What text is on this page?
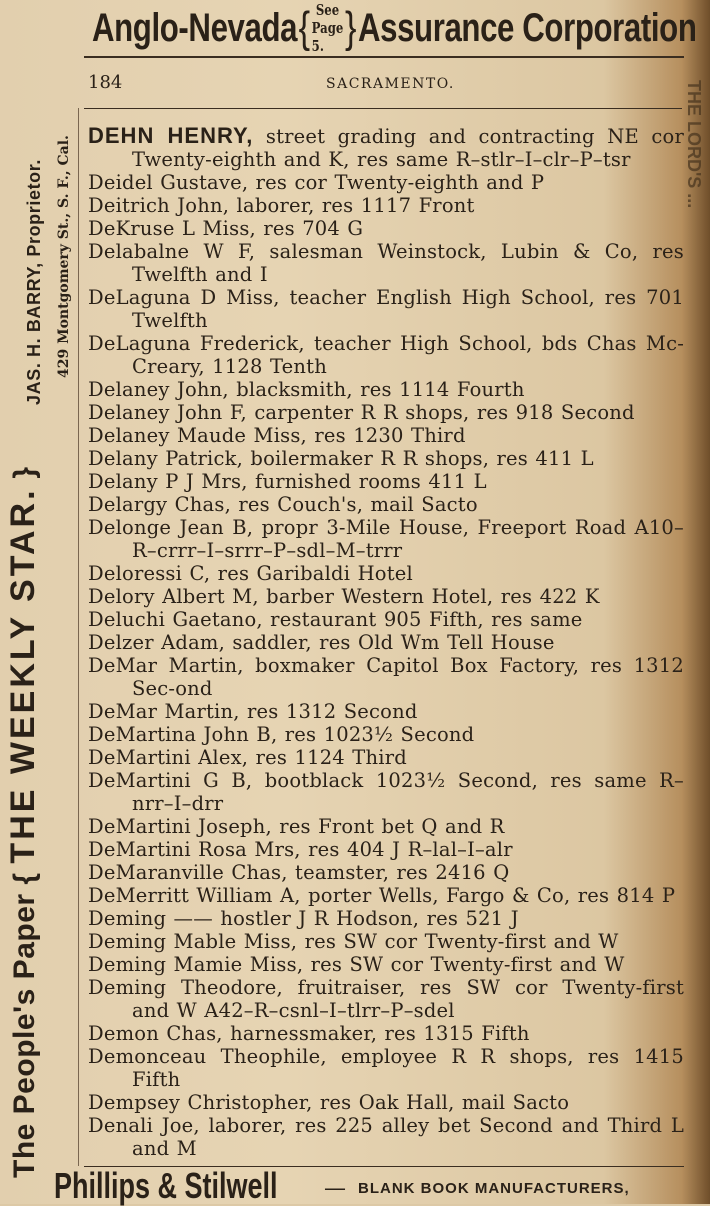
Anglo-Nevada { See
Page 5. } Assurance Corporation
184	SACRAMENTO.
The People's Paper { THE WEEKLY STAR. }
JAS. H. BARRY, Proprietor. 429 Montgomery St., S. F., Cal.	THE LORD'S ...
DEHN HENRY, street grading and contracting NE cor Twenty-eighth and K, res same R–stlr–I–clr–P–tsr
Deidel Gustave, res cor Twenty-eighth and P
Deitrich John, laborer, res 1117 Front
DeKruse L Miss, res 704 G
Delabalne W F, salesman Weinstock, Lubin & Co, res Twelfth and I
DeLaguna D Miss, teacher English High School, res 701 Twelfth
DeLaguna Frederick, teacher High School, bds Chas Mc-Creary, 1128 Tenth
Delaney John, blacksmith, res 1114 Fourth
Delaney John F, carpenter R R shops, res 918 Second
Delaney Maude Miss, res 1230 Third
Delany Patrick, boilermaker R R shops, res 411 L
Delany P J Mrs, furnished rooms 411 L
Delargy Chas, res Couch's, mail Sacto
Delonge Jean B, propr 3-Mile House, Freeport Road A10–R–crrr–I–srrr–P–sdl–M–trrr
Deloressi C, res Garibaldi Hotel
Delory Albert M, barber Western Hotel, res 422 K
Deluchi Gaetano, restaurant 905 Fifth, res same
Delzer Adam, saddler, res Old Wm Tell House
DeMar Martin, boxmaker Capitol Box Factory, res 1312 Sec-ond
DeMar Martin, res 1312 Second
DeMartina John B, res 1023½ Second
DeMartini Alex, res 1124 Third
DeMartini G B, bootblack 1023½ Second, res same R–nrr–I–drr
DeMartini Joseph, res Front bet Q and R
DeMartini Rosa Mrs, res 404 J R–lal–I–alr
DeMaranville Chas, teamster, res 2416 Q
DeMerritt William A, porter Wells, Fargo & Co, res 814 P
Deming —— hostler J R Hodson, res 521 J
Deming Mable Miss, res SW cor Twenty-first and W
Deming Mamie Miss, res SW cor Twenty-first and W
Deming Theodore, fruitraiser, res SW cor Twenty-first and W A42–R–csnl–I–tlrr–P–sdel
Demon Chas, harnessmaker, res 1315 Fifth
Demonceau Theophile, employee R R shops, res 1415 Fifth
Dempsey Christopher, res Oak Hall, mail Sacto
Denali Joe, laborer, res 225 alley bet Second and Third L and M
Phillips & Stilwell — BLANK BOOK MANUFACTURERS,
